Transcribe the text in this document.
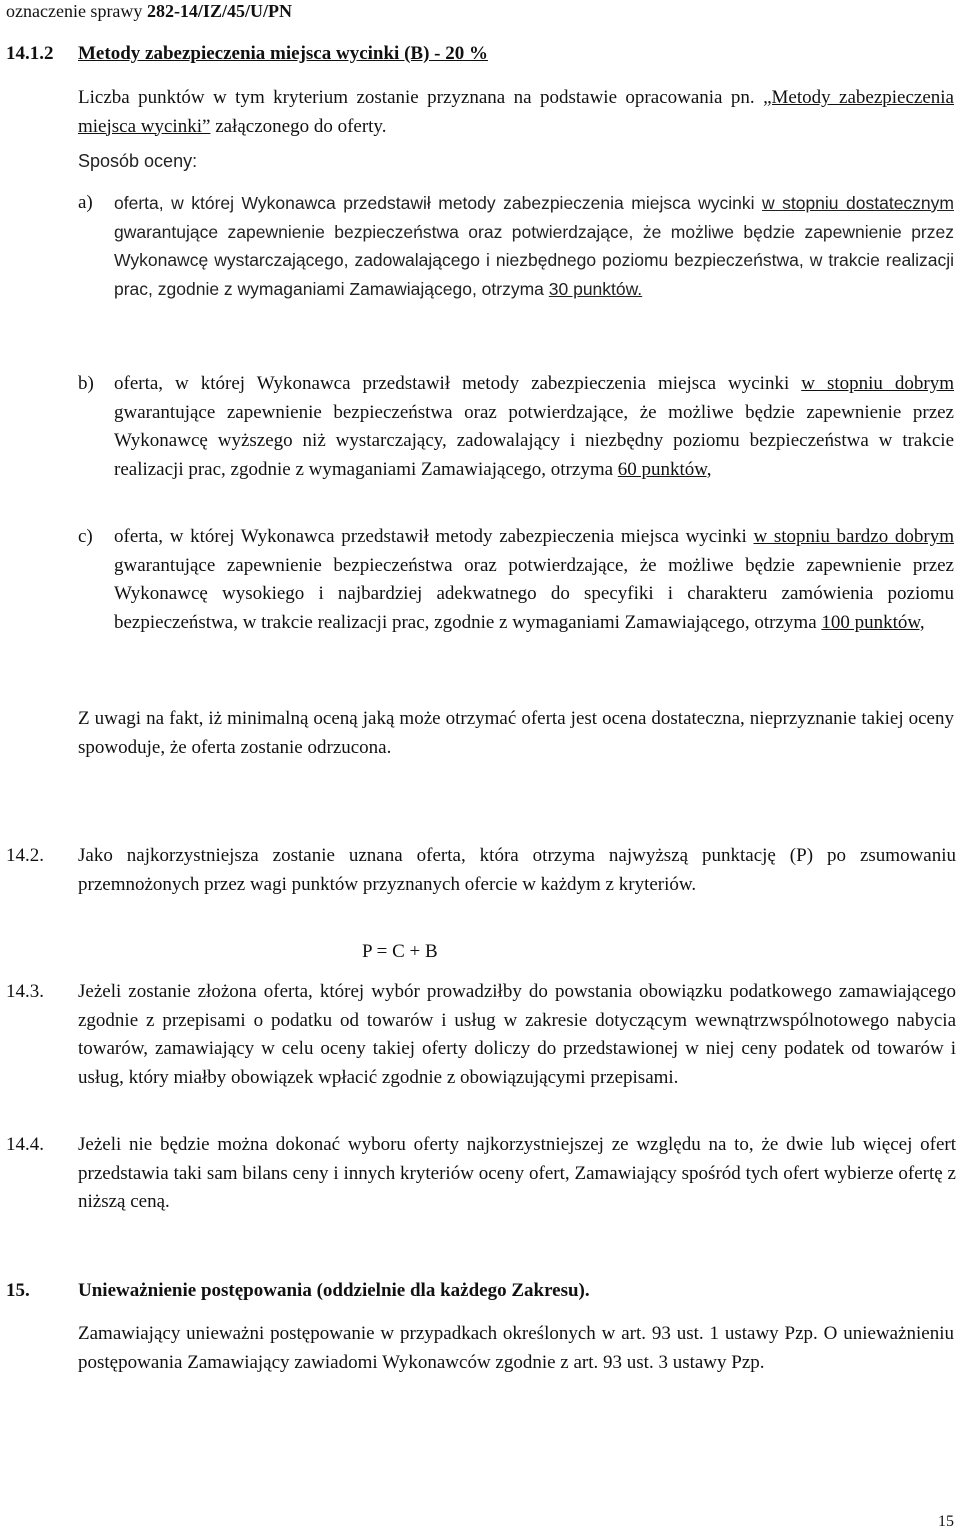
oznaczenie sprawy 282-14/IZ/45/U/PN
14.1.2 Metody zabezpieczenia miejsca wycinki (B) - 20 %
Liczba punktów w tym kryterium zostanie przyznana na podstawie opracowania pn. „Metody zabezpieczenia miejsca wycinki” załączonego do oferty.
Sposób oceny:
a) oferta, w której Wykonawca przedstawił metody zabezpieczenia miejsca wycinki w stopniu dostatecznym gwarantujące zapewnienie bezpieczeństwa oraz potwierdzające, że możliwe będzie zapewnienie przez Wykonawcę wystarczającego, zadowalającego i niezbędnego poziomu bezpieczeństwa, w trakcie realizacji prac, zgodnie z wymaganiami Zamawiającego, otrzyma 30 punktów.
b) oferta, w której Wykonawca przedstawił metody zabezpieczenia miejsca wycinki w stopniu dobrym gwarantujące zapewnienie bezpieczeństwa oraz potwierdzające, że możliwe będzie zapewnienie przez Wykonawcę wyższego niż wystarczający, zadowalający i niezbędny poziomu bezpieczeństwa w trakcie realizacji prac, zgodnie z wymaganiami Zamawiającego, otrzyma 60 punktów,
c) oferta, w której Wykonawca przedstawił metody zabezpieczenia miejsca wycinki w stopniu bardzo dobrym gwarantujące zapewnienie bezpieczeństwa oraz potwierdzające, że możliwe będzie zapewnienie przez Wykonawcę wysokiego i najbardziej adekwatnego do specyfiki i charakteru zamówienia poziomu bezpieczeństwa, w trakcie realizacji prac, zgodnie z wymaganiami Zamawiającego, otrzyma 100 punktów,
Z uwagi na fakt, iż minimalną oceną jaką może otrzymać oferta jest ocena dostateczna, nieprzyznanie takiej oceny spowoduje, że oferta zostanie odrzucona.
14.2. Jako najkorzystniejsza zostanie uznana oferta, która otrzyma najwyższą punktację (P) po zsumowaniu przemnożonych przez wagi punktów przyznanych ofercie w każdym z kryteriów.
P = C + B
14.3. Jeżeli zostanie złożona oferta, której wybór prowadziłby do powstania obowiązku podatkowego zamawiającego zgodnie z przepisami o podatku od towarów i usług w zakresie dotyczącym wewnątrzwspólnotowego nabycia towarów, zamawiający w celu oceny takiej oferty doliczy do przedstawionej w niej ceny podatek od towarów i usług, który miałby obowiązek wpłacić zgodnie z obowiązującymi przepisami.
14.4. Jeżeli nie będzie można dokonać wyboru oferty najkorzystniejszej ze względu na to, że dwie lub więcej ofert przedstawia taki sam bilans ceny i innych kryteriów oceny ofert, Zamawiający spośród tych ofert wybierze ofertę z niższą ceną.
15.	Unieważnienie postępowania (oddzielnie dla każdego Zakresu).
Zamawiający unieważni postępowanie w przypadkach określonych w art. 93 ust. 1 ustawy Pzp. O unieważnieniu postępowania Zamawiający zawiadomi Wykonawców zgodnie z art. 93 ust. 3 ustawy Pzp.
15
